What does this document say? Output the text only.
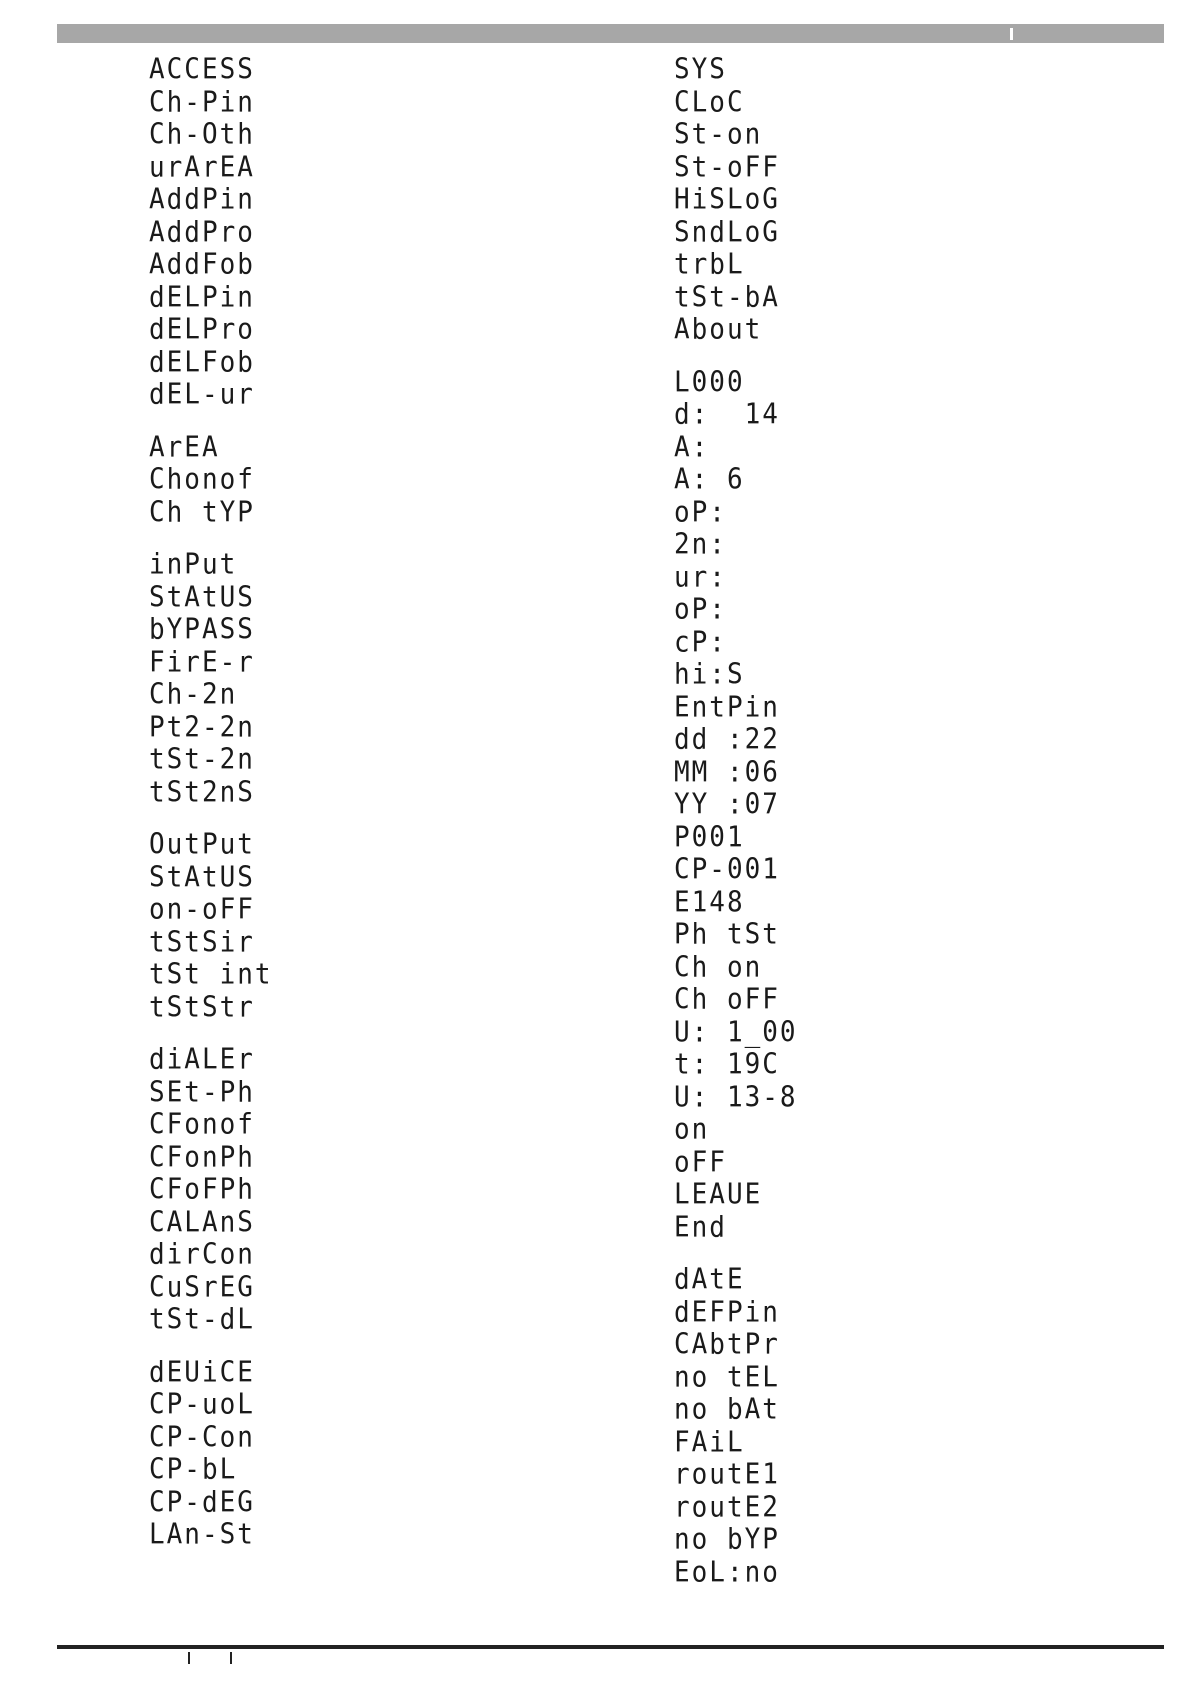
ACCESS
Ch-Pin
Ch-Oth
urArEA
AddPin
AddPro
AddFob
dELPin
dELPro
dELFob
dEL-ur
ArEA
Chonof
Ch tYP
inPut
StAtUS
bYPASS
FirE-r
Ch-2n
Pt2-2n
tSt-2n
tSt2nS
OutPut
StAtUS
on-oFF
tStSir
tSt int
tStStr
diALEr
SEt-Ph
CFonof
CFonPh
CFoFPh
CALAnS
dirCon
CuSrEG
tSt-dL
dEUiCE
CP-uoL
CP-Con
CP-bL
CP-dEG
LAn-St
SYS
CLoC
St-on
St-oFF
HiSLoG
SndLoG
trbL
tSt-bA
About
L000
d:  14
A:
A: 6
oP:
2n:
ur:
oP:
cP:
hi:S
EntPin
dd :22
MM :06
YY :07
P001
CP-001
E148
Ph tSt
Ch on
Ch oFF
U: 1_00
t: 19C
U: 13-8
on
oFF
LEAUE
End
dAtE
dEFPin
CAbtPr
no tEL
no bAt
FAiL
routE1
routE2
no bYP
EoL:no
